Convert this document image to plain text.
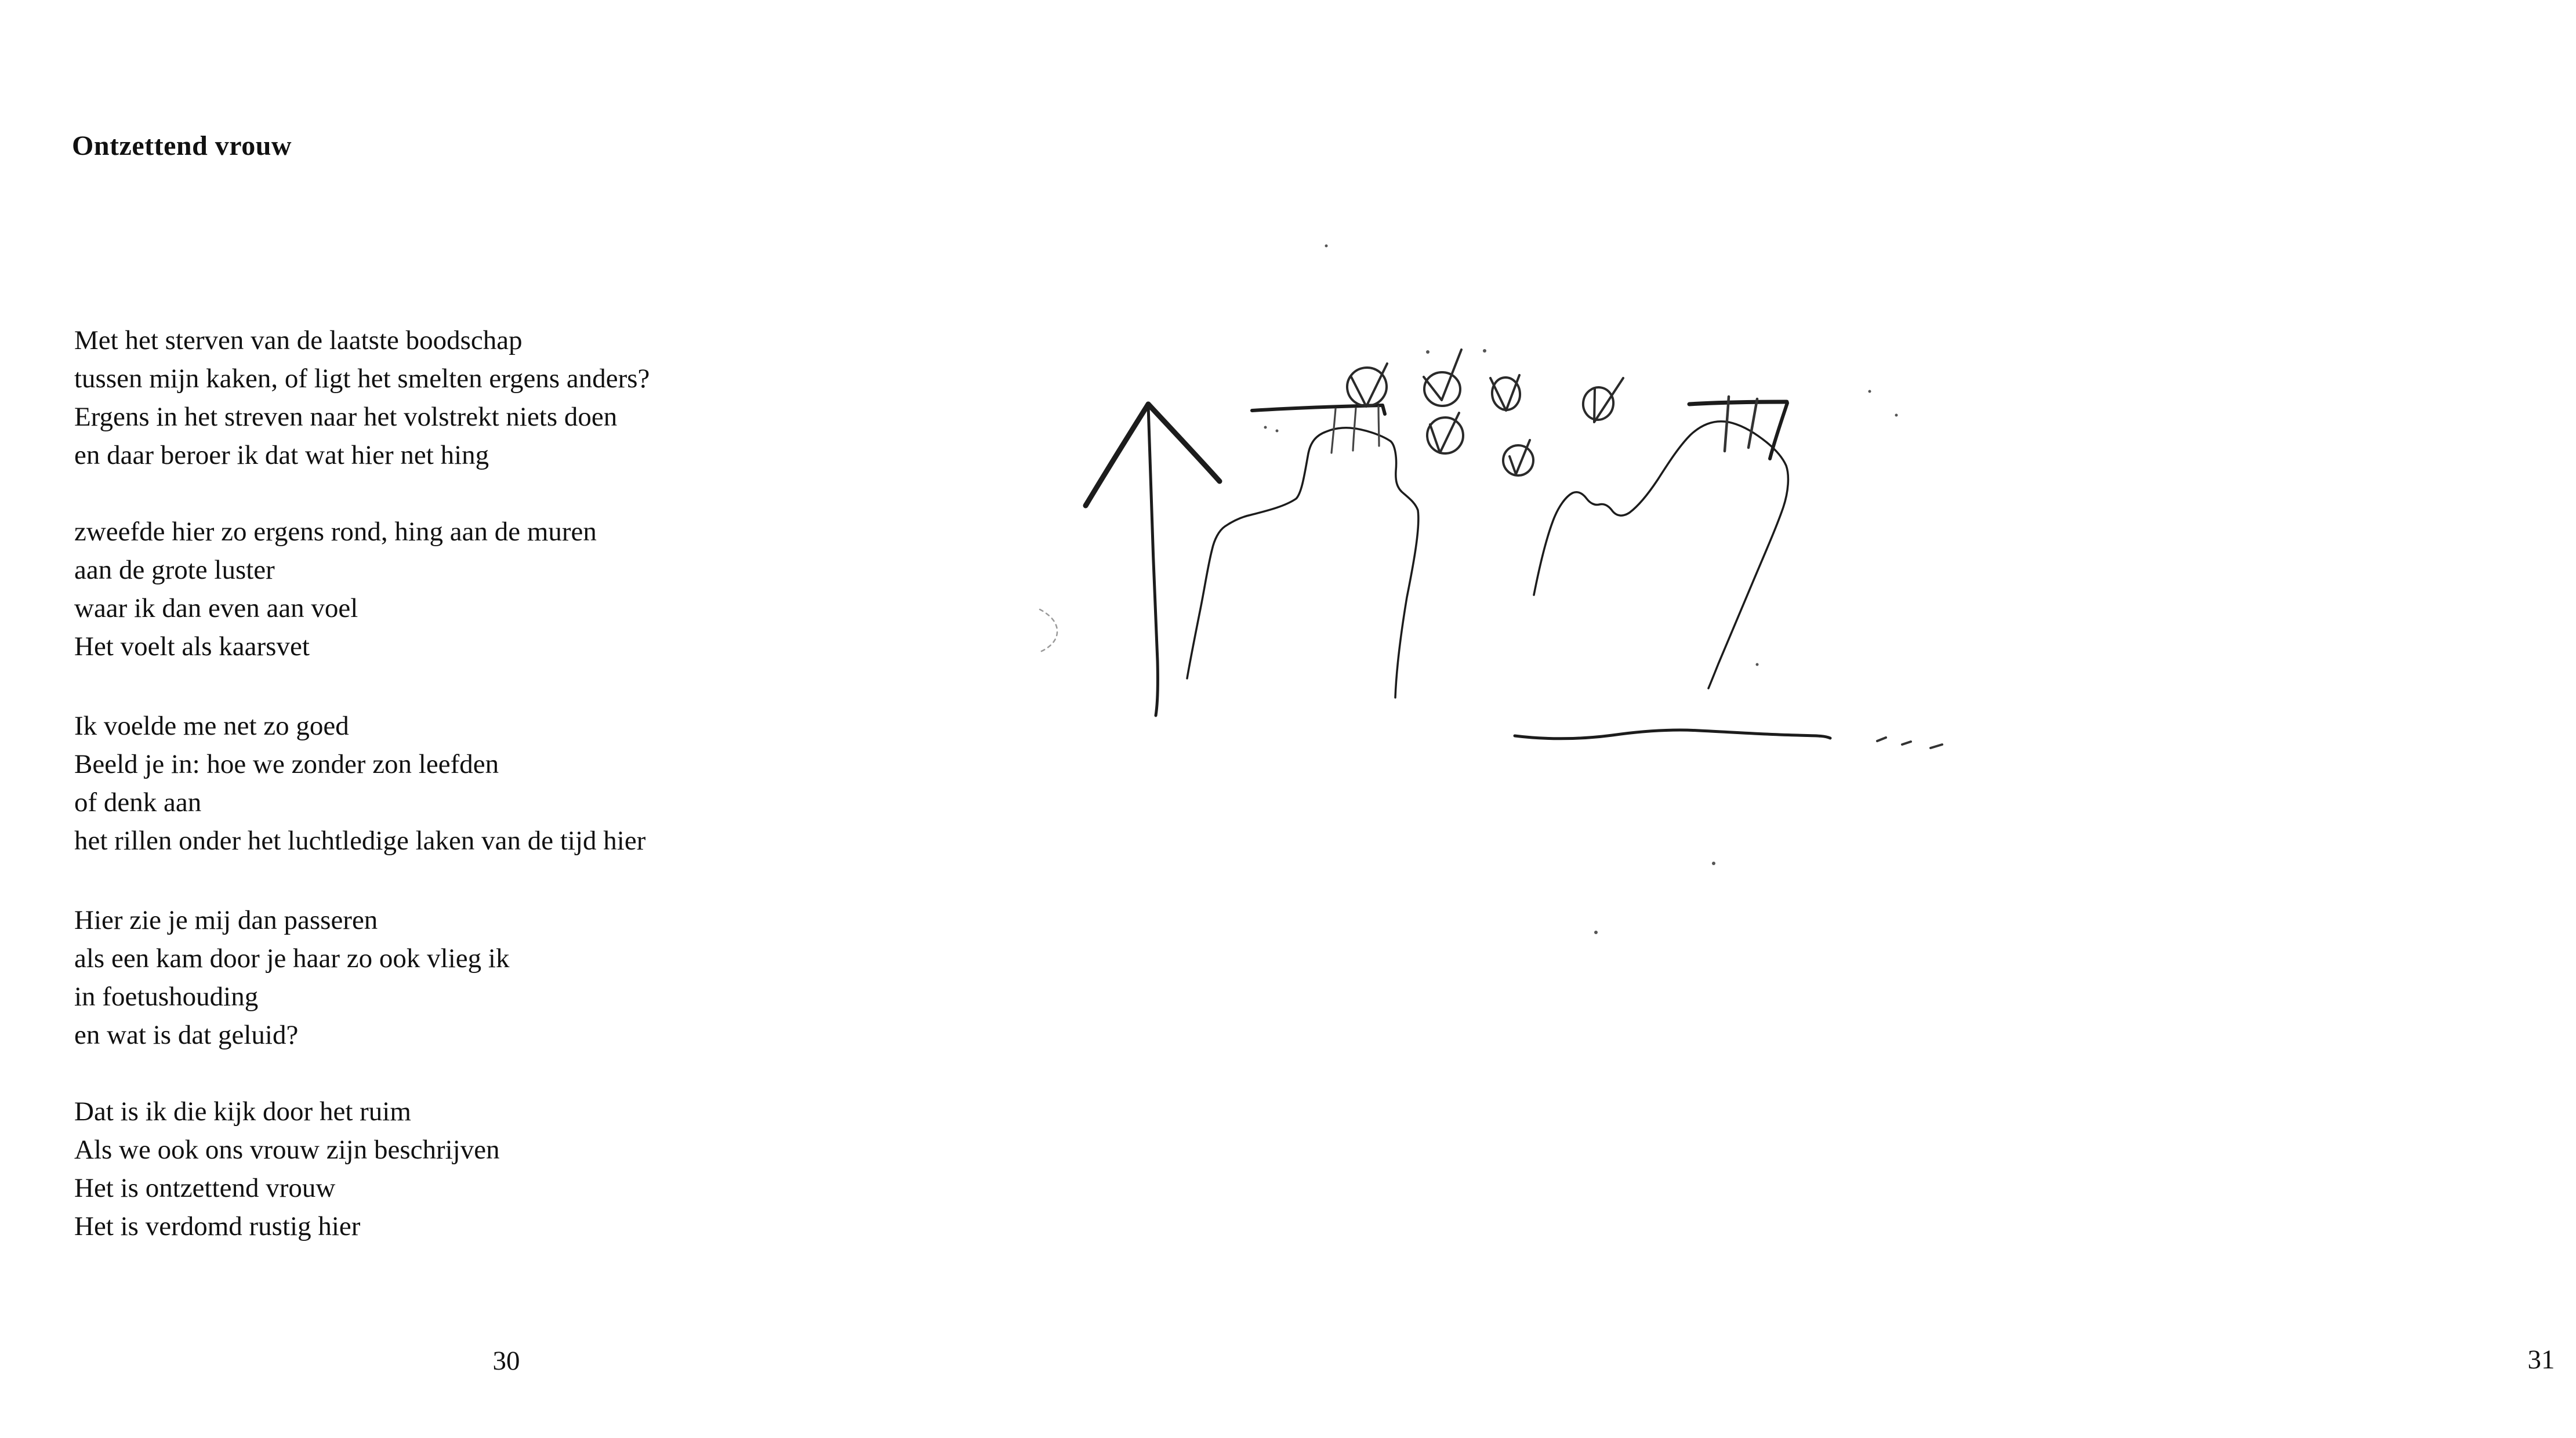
Ontzettend vrouw
Met het sterven van de laatste boodschap
tussen mijn kaken, of ligt het smelten ergens anders?
Ergens in het streven naar het volstrekt niets doen
en daar beroer ik dat wat hier net hing
zweefde hier zo ergens rond, hing aan de muren
aan de grote luster
waar ik dan even aan voel
Het voelt als kaarsvet
Ik voelde me net zo goed
Beeld je in: hoe we zonder zon leefden
of denk aan
het rillen onder het luchtledige laken van de tijd hier
Hier zie je mij dan passeren
als een kam door je haar zo ook vlieg ik
in foetushouding
en wat is dat geluid?
Dat is ik die kijk door het ruim
Als we ook ons vrouw zijn beschrijven
Het is ontzettend vrouw
Het is verdomd rustig hier
30	31
